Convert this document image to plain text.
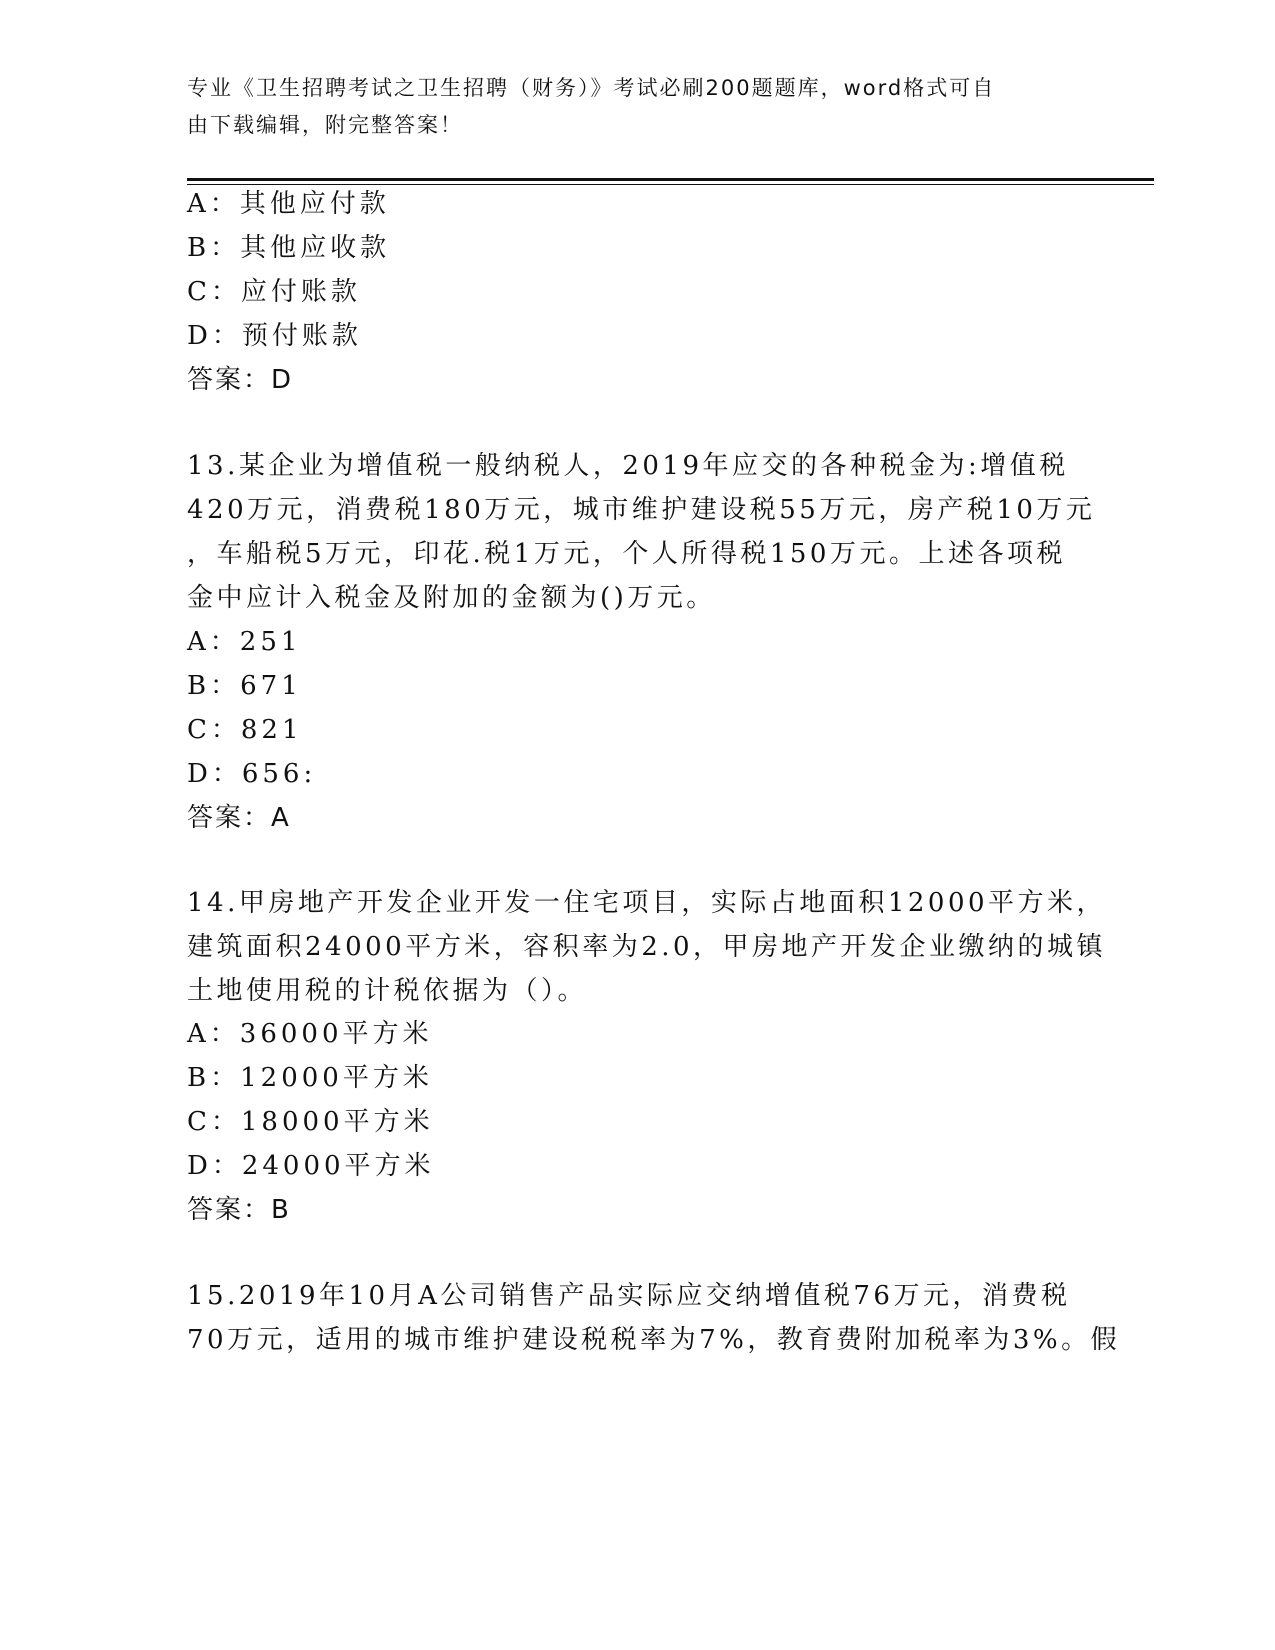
专业《卫生招聘考试之卫生招聘（财务）》考试必刷200题题库，word格式可自
由下载编辑，附完整答案！
A：其他应付款
B：其他应收款
C：应付账款
D：预付账款
答案：D
13.某企业为增值税一般纳税人，2019年应交的各种税金为:增值税
420万元，消费税180万元，城市维护建设税55万元，房产税10万元
，车船税5万元，印花.税1万元，个人所得税150万元。上述各项税
金中应计入税金及附加的金额为()万元。
A：251
B：671
C：821
D：656:
答案：A
14.甲房地产开发企业开发一住宅项目，实际占地面积12000平方米，
建筑面积24000平方米，容积率为2.0，甲房地产开发企业缴纳的城镇
土地使用税的计税依据为（）。
A：36000平方米
B：12000平方米
C：18000平方米
D：24000平方米
答案：B
15.2019年10月A公司销售产品实际应交纳增值税76万元，消费税
70万元，适用的城市维护建设税税率为7%，教育费附加税率为3%。假
